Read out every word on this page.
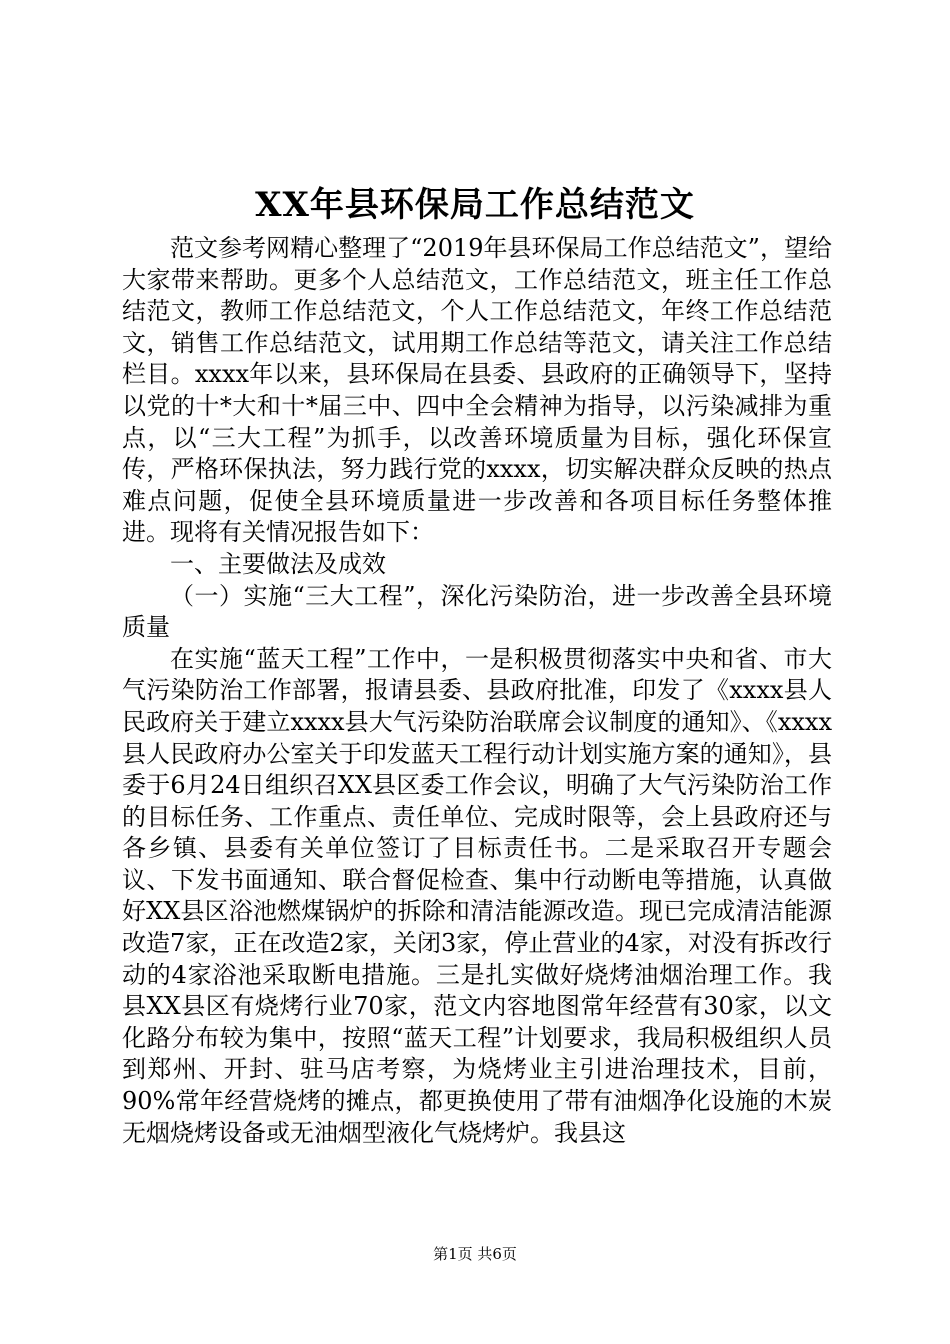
XX年县环保局工作总结范文

范文参考网精心整理了“2019年县环保局工作总结范文”，望给大家带来帮助。更多个人总结范文，工作总结范文，班主任工作总结范文，教师工作总结范文，个人工作总结范文，年终工作总结范文，销售工作总结范文，试用期工作总结等范文，请关注工作总结栏目。xxxx年以来，县环保局在县委、县政府的正确领导下，坚持以党的十*大和十*届三中、四中全会精神为指导，以污染减排为重点，以“三大工程”为抓手，以改善环境质量为目标，强化环保宣传，严格环保执法，努力践行党的xxxx，切实解决群众反映的热点难点问题，促使全县环境质量进一步改善和各项目标任务整体推进。现将有关情况报告如下：

一、主要做法及成效

（一）实施“三大工程”，深化污染防治，进一步改善全县环境质量

在实施“蓝天工程”工作中，一是积极贯彻落实中央和省、市大气污染防治工作部署，报请县委、县政府批准，印发了《xxxx县人民政府关于建立xxxx县大气污染防治联席会议制度的通知》、《xxxx县人民政府办公室关于印发蓝天工程行动计划实施方案的通知》，县委于6月24日组织召XX县区委工作会议，明确了大气污染防治工作的目标任务、工作重点、责任单位、完成时限等，会上县政府还与各乡镇、县委有关单位签订了目标责任书。二是采取召开专题会议、下发书面通知、联合督促检查、集中行动断电等措施，认真做好XX县区浴池燃煤锅炉的拆除和清洁能源改造。现已完成清洁能源改造7家，正在改造2家，关闭3家，停止营业的4家，对没有拆改行动的4家浴池采取断电措施。三是扎实做好烧烤油烟治理工作。我县XX县区有烧烤行业70家，范文内容地图常年经营有30家，以文化路分布较为集中，按照“蓝天工程”计划要求，我局积极组织人员到郑州、开封、驻马店考察，为烧烤业主引进治理技术，目前，90%常年经营烧烤的摊点，都更换使用了带有油烟净化设施的木炭无烟烧烤设备或无油烟型液化气烧烤炉。我县这

第1页 共6页
